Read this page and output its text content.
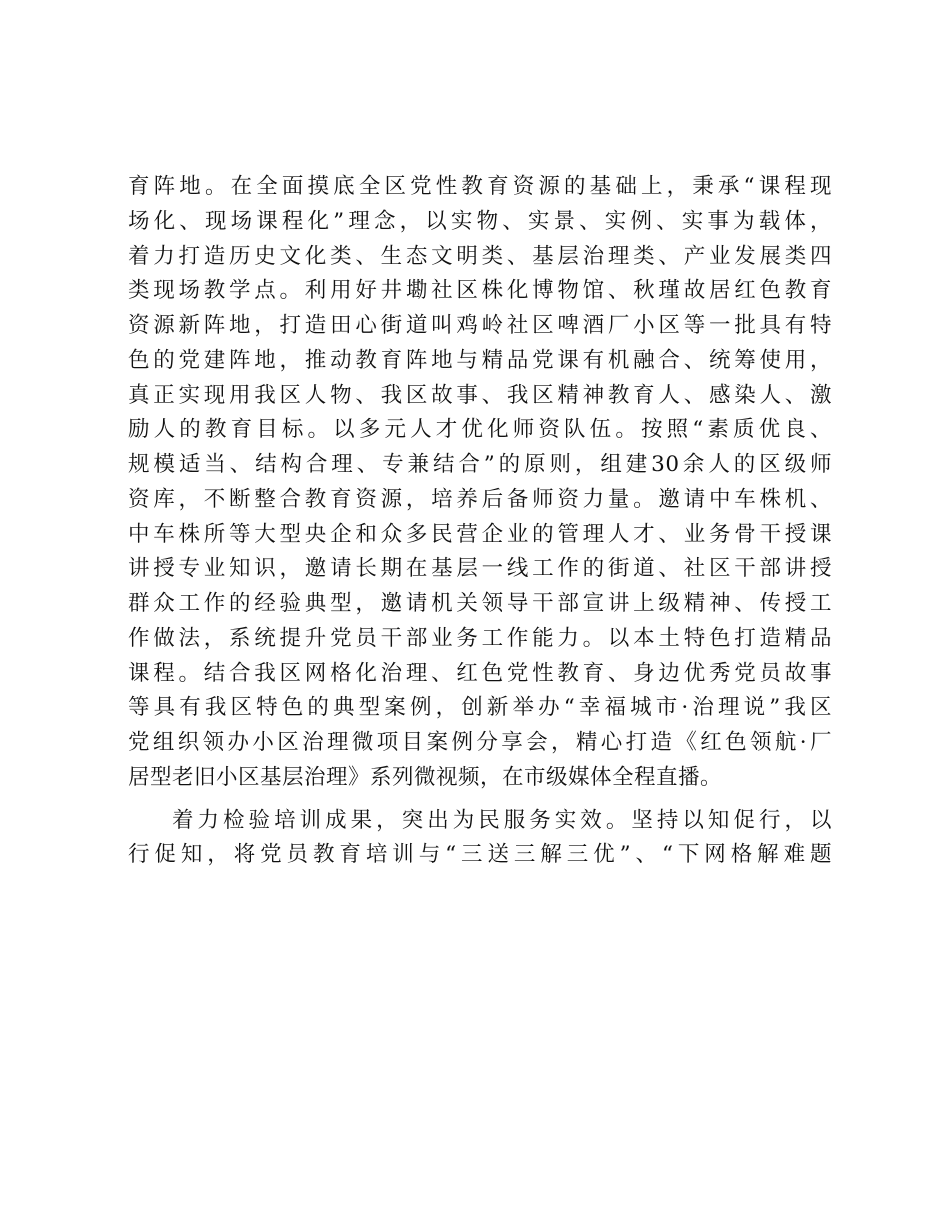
育阵地。在全面摸底全区党性教育资源的基础上，秉承“课程现
场化、现场课程化”理念，以实物、实景、实例、实事为载体，
着力打造历史文化类、生态文明类、基层治理类、产业发展类四
类现场教学点。利用好井墈社区株化博物馆、秋瑾故居红色教育
资源新阵地，打造田心街道叫鸡岭社区啤酒厂小区等一批具有特
色的党建阵地，推动教育阵地与精品党课有机融合、统筹使用，
真正实现用我区人物、我区故事、我区精神教育人、感染人、激
励人的教育目标。以多元人才优化师资队伍。按照“素质优良、
规模适当、结构合理、专兼结合”的原则，组建30余人的区级师
资库，不断整合教育资源，培养后备师资力量。邀请中车株机、
中车株所等大型央企和众多民营企业的管理人才、业务骨干授课
讲授专业知识，邀请长期在基层一线工作的街道、社区干部讲授
群众工作的经验典型，邀请机关领导干部宣讲上级精神、传授工
作做法，系统提升党员干部业务工作能力。以本土特色打造精品
课程。结合我区网格化治理、红色党性教育、身边优秀党员故事
等具有我区特色的典型案例，创新举办“幸福城市·治理说”我区
党组织领办小区治理微项目案例分享会，精心打造《红色领航·厂
居型老旧小区基层治理》系列微视频，在市级媒体全程直播。
着力检验培训成果，突出为民服务实效。坚持以知促行，以
行促知，将党员教育培训与“三送三解三优”、“下网格解难题
